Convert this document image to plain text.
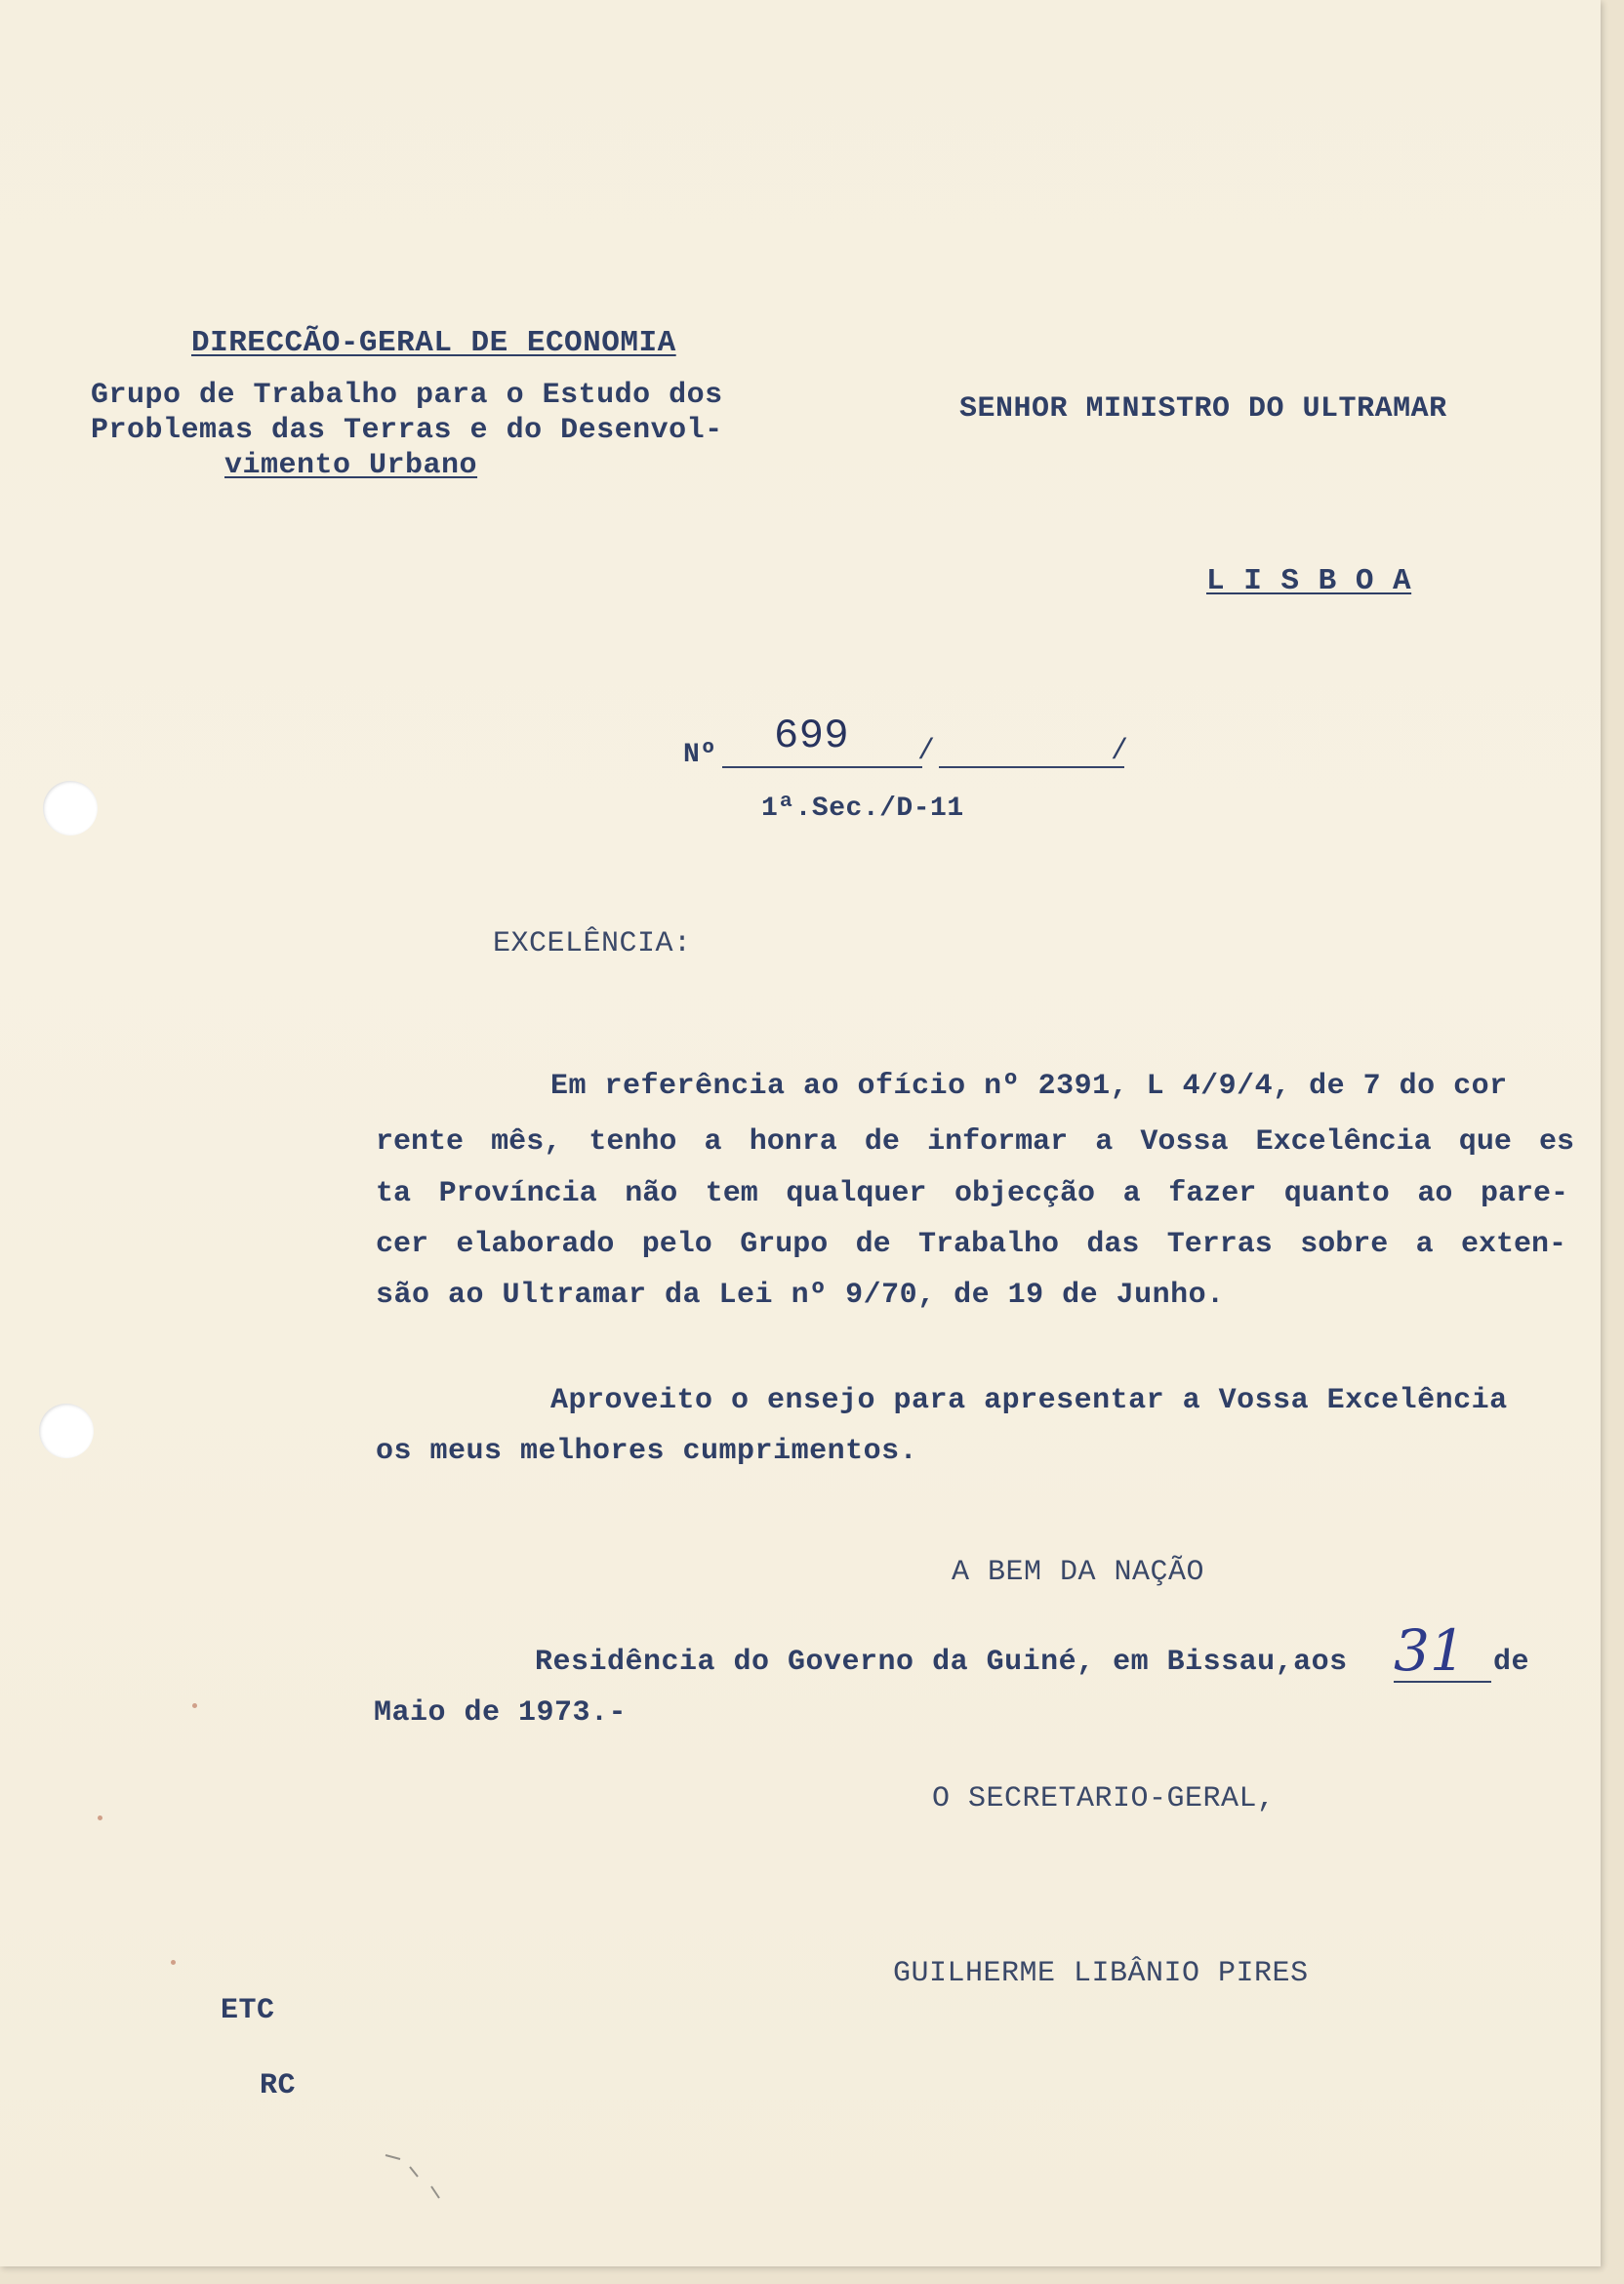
DIRECCÃO-GERAL DE ECONOMIA
Grupo de Trabalho para o Estudo dos
Problemas das Terras e do Desenvol-
vimento Urbano
SENHOR MINISTRO DO ULTRAMAR
L I S B O A
Nº 699 /	/
1ª.Sec./D-11
EXCELÊNCIA:
Em referência ao ofício nº 2391, L 4/9/4, de 7 do cor
rente mês, tenho a honra de informar a Vossa Excelência que es
ta Província não tem qualquer objecção a fazer quanto ao pare-
cer elaborado pelo Grupo de Trabalho das Terras sobre a exten-
são ao Ultramar da Lei nº 9/70, de 19 de Junho.
Aproveito o ensejo para apresentar a Vossa Excelência
os meus melhores cumprimentos.
A BEM DA NAÇÃO
Residência do Governo da Guiné, em Bissau,aos 31 de
Maio de 1973.-
O SECRETARIO-GERAL,
GUILHERME LIBÂNIO PIRES
ETC
RC
